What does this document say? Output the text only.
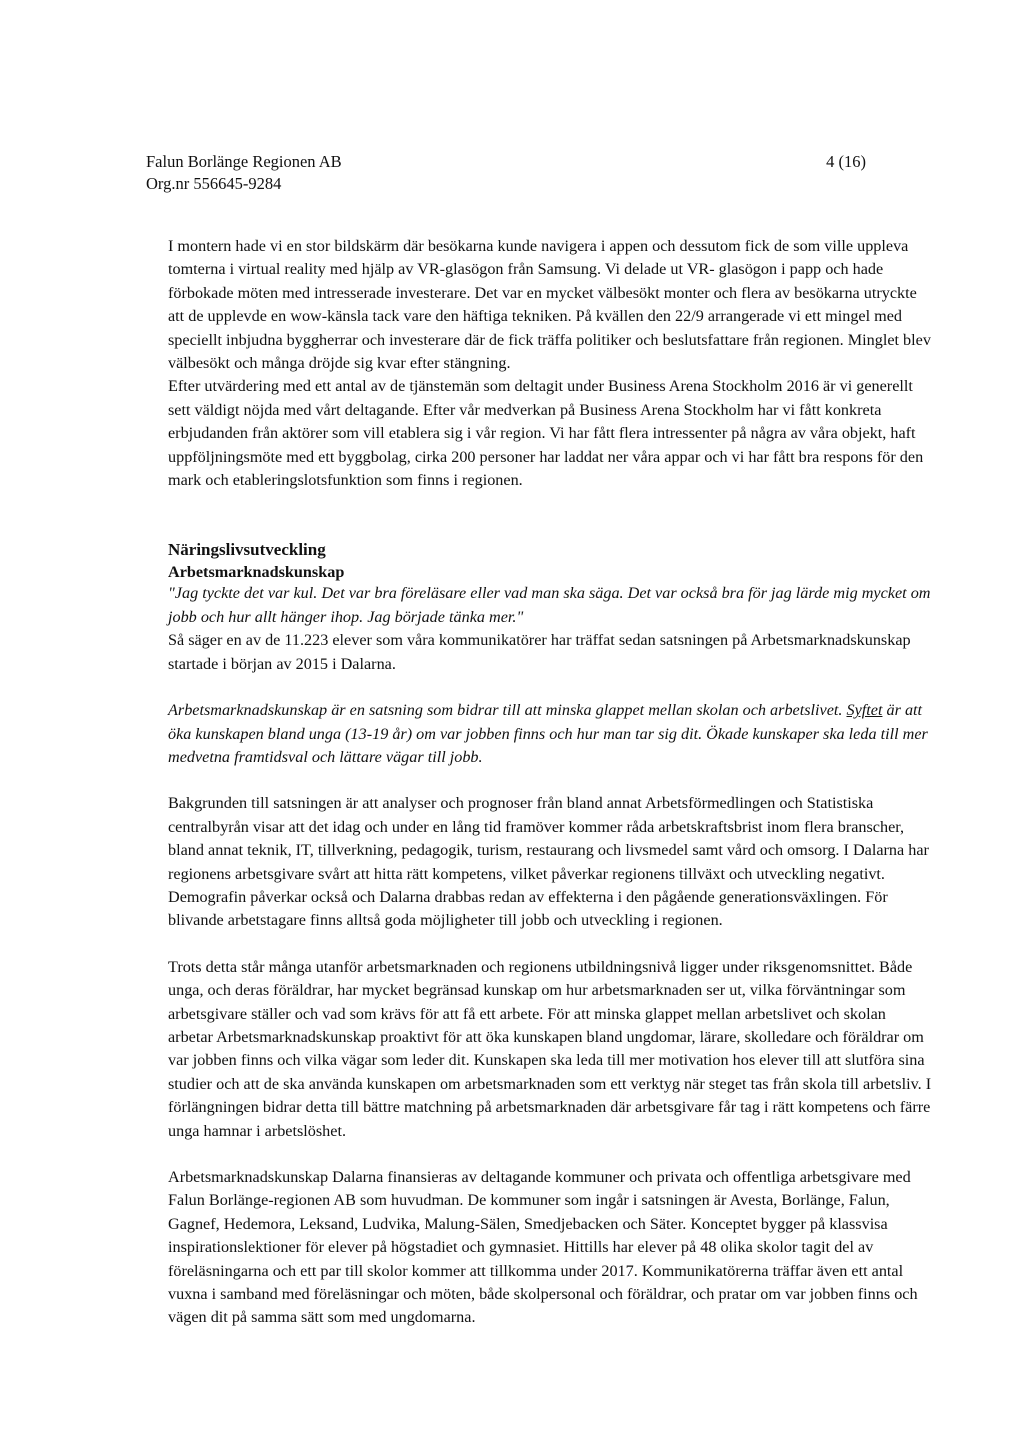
Falun Borlänge Regionen AB
Org.nr 556645-9284
4 (16)

I montern hade vi en stor bildskärm där besökarna kunde navigera i appen och dessutom fick de som ville uppleva tomterna i virtual reality med hjälp av VR-glasögon från Samsung. Vi delade ut VR- glasögon i papp och hade förbokade möten med intresserade investerare. Det var en mycket välbesökt monter och flera av besökarna utryckte att de upplevde en wow-känsla tack vare den häftiga tekniken. På kvällen den 22/9 arrangerade vi ett mingel med speciellt inbjudna byggherrar och investerare där de fick träffa politiker och beslutsfattare från regionen. Minglet blev välbesökt och många dröjde sig kvar efter stängning.

Efter utvärdering med ett antal av de tjänstemän som deltagit under Business Arena Stockholm 2016 är vi generellt sett väldigt nöjda med vårt deltagande. Efter vår medverkan på Business Arena Stockholm har vi fått konkreta erbjudanden från aktörer som vill etablera sig i vår region. Vi har fått flera intressenter på några av våra objekt, haft uppföljningsmöte med ett byggbolag, cirka 200 personer har laddat ner våra appar och vi har fått bra respons för den mark och etableringslotsfunktion som finns i regionen.

Näringslivsutveckling
Arbetsmarknadskunskap

"Jag tyckte det var kul. Det var bra föreläsare eller vad man ska säga. Det var också bra för jag lärde mig mycket om jobb och hur allt hänger ihop. Jag började tänka mer."

Så säger en av de 11.223 elever som våra kommunikatörer har träffat sedan satsningen på Arbetsmarknadskunskap startade i början av 2015 i Dalarna.

Arbetsmarknadskunskap är en satsning som bidrar till att minska glappet mellan skolan och arbetslivet. Syftet är att öka kunskapen bland unga (13-19 år) om var jobben finns och hur man tar sig dit. Ökade kunskaper ska leda till mer medvetna framtidsval och lättare vägar till jobb.

Bakgrunden till satsningen är att analyser och prognoser från bland annat Arbetsförmedlingen och Statistiska centralbyrån visar att det idag och under en lång tid framöver kommer råda arbetskraftsbrist inom flera branscher, bland annat teknik, IT, tillverkning, pedagogik, turism, restaurang och livsmedel samt vård och omsorg. I Dalarna har regionens arbetsgivare svårt att hitta rätt kompetens, vilket påverkar regionens tillväxt och utveckling negativt. Demografin påverkar också och Dalarna drabbas redan av effekterna i den pågående generationsväxlingen. För blivande arbetstagare finns alltså goda möjligheter till jobb och utveckling i regionen.

Trots detta står många utanför arbetsmarknaden och regionens utbildningsnivå ligger under riksgenomsnittet. Både unga, och deras föräldrar, har mycket begränsad kunskap om hur arbetsmarknaden ser ut, vilka förväntningar som arbetsgivare ställer och vad som krävs för att få ett arbete. För att minska glappet mellan arbetslivet och skolan arbetar Arbetsmarknadskunskap proaktivt för att öka kunskapen bland ungdomar, lärare, skolledare och föräldrar om var jobben finns och vilka vägar som leder dit. Kunskapen ska leda till mer motivation hos elever till att slutföra sina studier och att de ska använda kunskapen om arbetsmarknaden som ett verktyg när steget tas från skola till arbetsliv. I förlängningen bidrar detta till bättre matchning på arbetsmarknaden där arbetsgivare får tag i rätt kompetens och färre unga hamnar i arbetslöshet.

Arbetsmarknadskunskap Dalarna finansieras av deltagande kommuner och privata och offentliga arbetsgivare med Falun Borlänge-regionen AB som huvudman. De kommuner som ingår i satsningen är Avesta, Borlänge, Falun, Gagnef, Hedemora, Leksand, Ludvika, Malung-Sälen, Smedjebacken och Säter. Konceptet bygger på klassvisa inspirationslektioner för elever på högstadiet och gymnasiet. Hittills har elever på 48 olika skolor tagit del av föreläsningarna och ett par till skolor kommer att tillkomma under 2017. Kommunikatörerna träffar även ett antal vuxna i samband med föreläsningar och möten, både skolpersonal och föräldrar, och pratar om var jobben finns och vägen dit på samma sätt som med ungdomarna.
